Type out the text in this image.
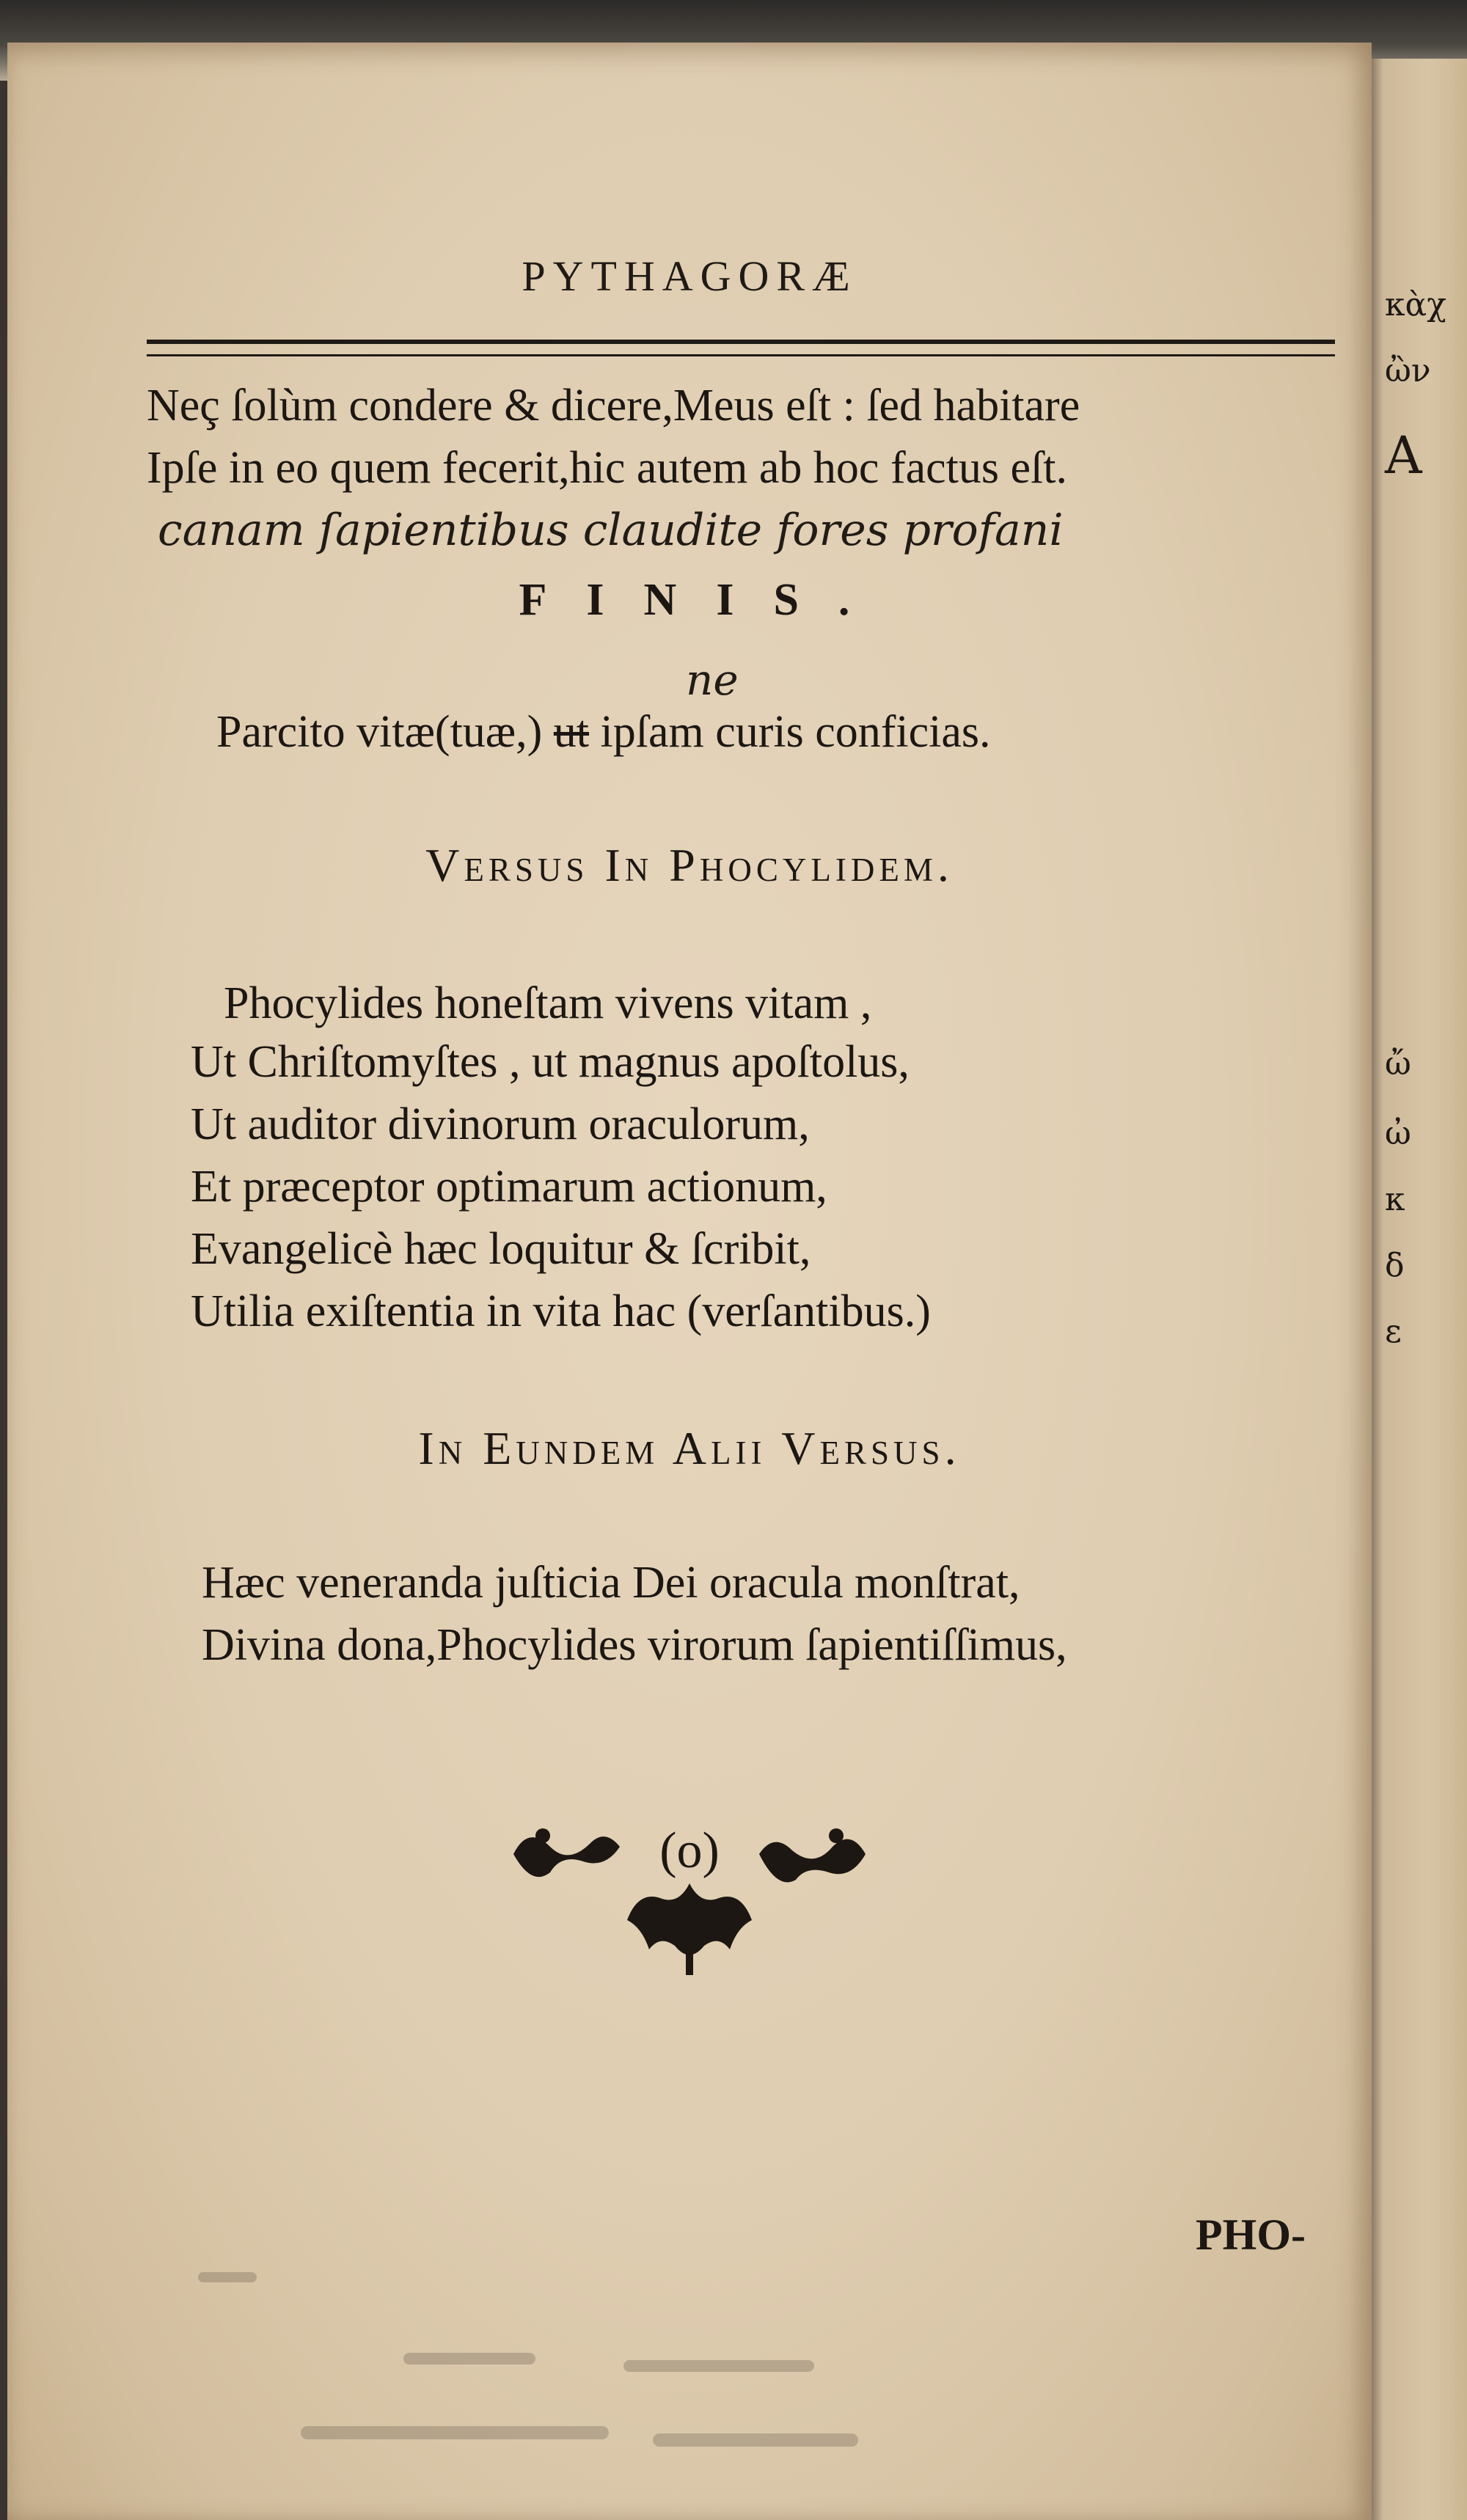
PYTHAGORÆ
Neç ſolùm condere & dicere,Meus eſt : ſed habitare
Ipſe in eo quem fecerit,hic autem ab hoc factus eſt.
canam ſapientibus claudite fores profani
FINIS.
ne
Parcito vitæ(tuæ,) ut ipſam curis conficias.
Versus In Phocylidem.
Phocylides honeſtam vivens vitam ,
Ut Chriſtomyſtes , ut magnus apoſtolus,
Ut auditor divinorum oraculorum,
Et præceptor optimarum actionum,
Evangelicè hæc loquitur & ſcribit,
Utilia exiſtentia in vita hac (verſantibus.)
In Eundem Alii Versus.
Hæc veneranda juſticia Dei oracula monſtrat,
Divina dona,Phocylides virorum ſapientiſſimus,
(o)
PHO-
κὰχ
ὢν
Α
ὤ
ὠ
κ
δ
ε
